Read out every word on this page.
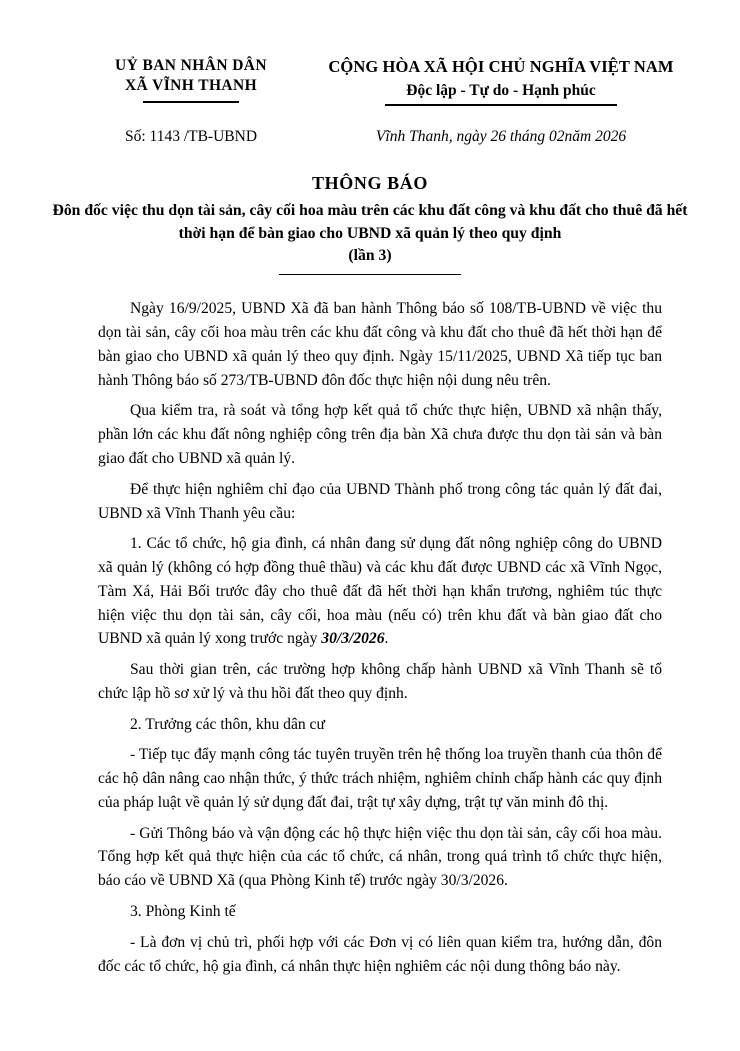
UỶ BAN NHÂN DÂN
XÃ VĨNH THANH
CỘNG HÒA XÃ HỘI CHỦ NGHĨA VIỆT NAM
Độc lập - Tự do - Hạnh phúc
Số: 1143 /TB-UBND	Vĩnh Thanh, ngày 26 tháng 02năm 2026
THÔNG BÁO
Đôn đốc việc thu dọn tài sản, cây cối hoa màu trên các khu đất công và khu đất cho thuê đã hết thời hạn để bàn giao cho UBND xã quản lý theo quy định
(lần 3)

Ngày 16/9/2025, UBND Xã đã ban hành Thông báo số 108/TB-UBND về việc thu dọn tài sản, cây cối hoa màu trên các khu đất công và khu đất cho thuê đã hết thời hạn để bàn giao cho UBND xã quản lý theo quy định. Ngày 15/11/2025, UBND Xã tiếp tục ban hành Thông báo số 273/TB-UBND đôn đốc thực hiện nội dung nêu trên.

Qua kiểm tra, rà soát và tổng hợp kết quả tổ chức thực hiện, UBND xã nhận thấy, phần lớn các khu đất nông nghiệp công trên địa bàn Xã chưa được thu dọn tài sản và bàn giao đất cho UBND xã quản lý.

Để thực hiện nghiêm chỉ đạo của UBND Thành phố trong công tác quản lý đất đai, UBND xã Vĩnh Thanh yêu cầu:

1. Các tổ chức, hộ gia đình, cá nhân đang sử dụng đất nông nghiệp công do UBND xã quản lý (không có hợp đồng thuê thầu) và các khu đất được UBND các xã Vĩnh Ngọc, Tàm Xá, Hải Bối trước đây cho thuê đất đã hết thời hạn khẩn trương, nghiêm túc thực hiện việc thu dọn tài sản, cây cối, hoa màu (nếu có) trên khu đất và bàn giao đất cho UBND xã quản lý xong trước ngày 30/3/2026.

Sau thời gian trên, các trường hợp không chấp hành UBND xã Vĩnh Thanh sẽ tổ chức lập hồ sơ xử lý và thu hồi đất theo quy định.

2. Trưởng các thôn, khu dân cư

- Tiếp tục đẩy mạnh công tác tuyên truyền trên hệ thống loa truyền thanh của thôn để các hộ dân nâng cao nhận thức, ý thức trách nhiệm, nghiêm chỉnh chấp hành các quy định của pháp luật về quản lý sử dụng đất đai, trật tự xây dựng, trật tự văn minh đô thị.

- Gửi Thông báo và vận động các hộ thực hiện việc thu dọn tài sản, cây cối hoa màu. Tổng hợp kết quả thực hiện của các tổ chức, cá nhân, trong quá trình tổ chức thực hiện, báo cáo về UBND Xã (qua Phòng Kinh tế) trước ngày 30/3/2026.

3. Phòng Kinh tế

- Là đơn vị chủ trì, phối hợp với các Đơn vị có liên quan kiểm tra, hướng dẫn, đôn đốc các tổ chức, hộ gia đình, cá nhân thực hiện nghiêm các nội dung thông báo này.
